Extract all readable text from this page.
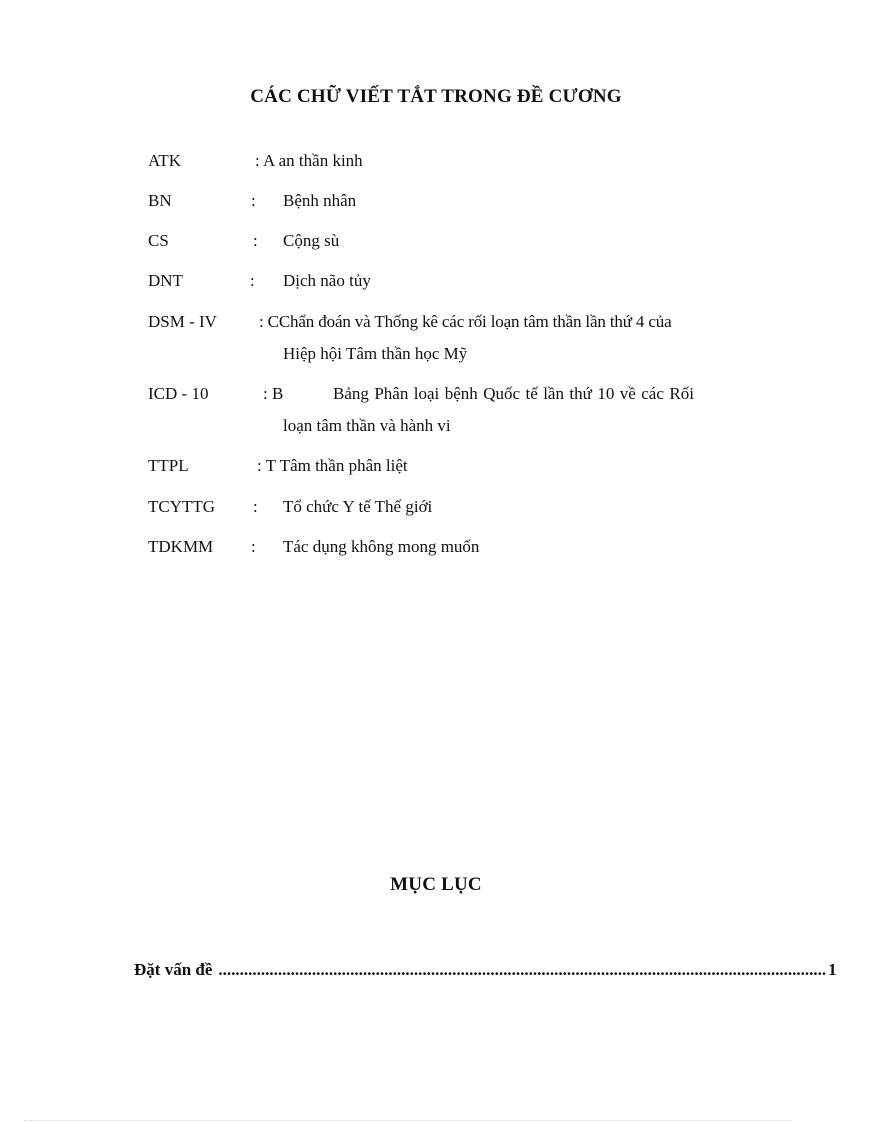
CÁC CHỮ VIẾT TẮT TRONG ĐỀ CƯƠNG
ATK	: A an thần kinh
BN	: Bệnh nhân
CS	: Cộng sù
DNT	: Dịch não tủy
DSM - IV : CChẩn đoán và Thống kê các rối loạn tâm thần lần thứ 4 của
Hiệp hội Tâm thần học Mỹ
ICD - 10	: B	Bảng Phân loại bệnh Quốc tế lần thứ 10 về các Rối
loạn tâm thần và hành vi
TTPL	: T Tâm thần phân liệt
TCYTTG : Tổ chức Y tế Thế giới
TDKMM : Tác dụng không mong muốn
MỤC LỤC
Đặt vấn đề ............................................................................................................................................... 1
